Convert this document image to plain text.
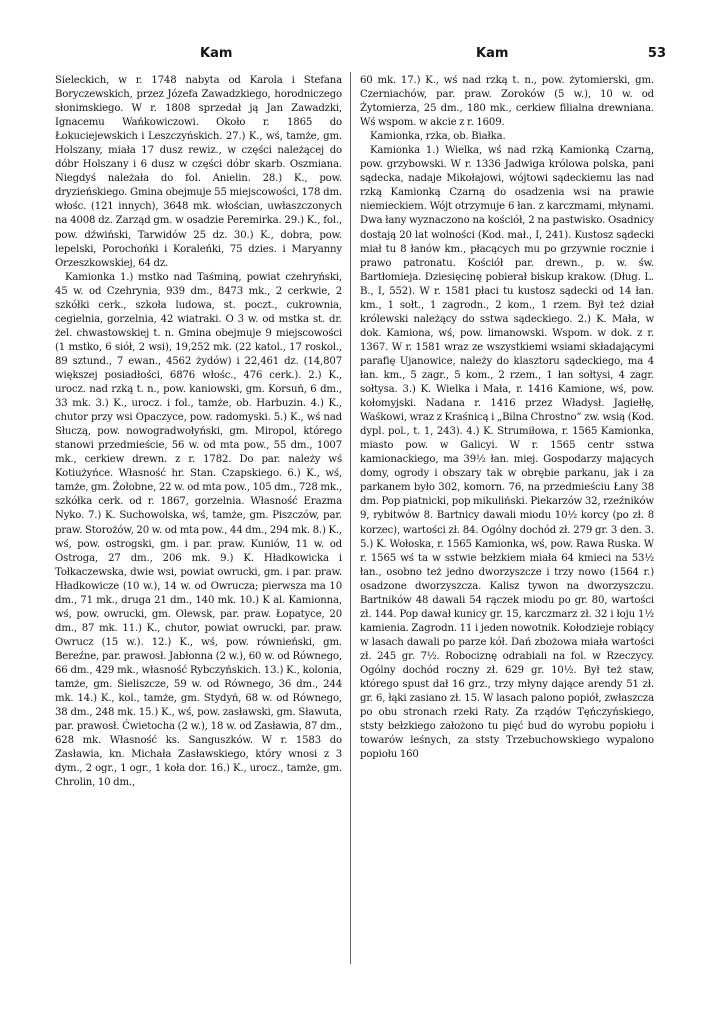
Kam	Kam	53

Sieleckich, w r. 1748 nabyta od Karola i Stefana Boryczewskich, przez Józefa Zawadzkiego, horodniczego słonimskiego. W r. 1808 sprzedał ją Jan Zawadzki, Ignacemu Wańkowiczowi. Około r. 1865 do Łokuciejewskich i Leszczyńskich. 27.) K., wś, tamże, gm. Holszany, miała 17 dusz rewiz., w części należącej do dóbr Holszany i 6 dusz w części dóbr skarb. Oszmiana. Niegdyś należała do fol. Anielin. 28.) K., pow. dryzieńskiego. Gmina obejmuje 55 miejscowości, 178 dm. włośc. (121 innych), 3648 mk. włościan, uwłaszczonych na 4008 dz. Zarząd gm. w osadzie Peremirka. 29.) K., fol., pow. dźwiński, Tarwidów 25 dz. 30.) K., dobra, pow. lepelski, Porochońki i Koraleńki, 75 dzies. i Maryanny Orzeszkowskiej, 64 dz.

Kamionka 1.) mstko nad Taśminą, powiat czehryński, 45 w. od Czehrynia, 939 dm., 8473 mk., 2 cerkwie, 2 szkółki cerk., szkoła ludowa, st. poczt., cukrownia, cegielnia, gorzelnia, 42 wiatraki. O 3 w. od mstka st. dr. żel. chwastowskiej t. n. Gmina obejmuje 9 miejscowości (1 mstko, 6 siół, 2 wsi), 19,252 mk. (22 katol., 17 roskol., 89 sztund., 7 ewan., 4562 żydów) i 22,461 dz. (14,807 większej posiadłości, 6876 włośc., 476 cerk.). 2.) K., urocz. nad rzką t. n., pow. kaniowski, gm. Korsuń, 6 dm., 33 mk. 3.) K., urocz. i fol., tamże, ob. Harbuzin. 4.) K., chutor przy wsi Opaczyce, pow. radomyski. 5.) K., wś nad Słuczą, pow. nowogradwołyński, gm. Miropol, którego stanowi przedmieście, 56 w. od mta pow., 55 dm., 1007 mk., cerkiew drewn. z r. 1782. Do par. należy wś Kotiużyńce. Własność hr. Stan. Czapskiego. 6.) K., wś, tamże, gm. Żołobne, 22 w. od mta pow., 105 dm., 728 mk., szkółka cerk. od r. 1867, gorzelnia. Własność Erazma Nyko. 7.) K. Suchowolska, wś, tamże, gm. Piszczów, par. praw. Storożów, 20 w. od mta pow., 44 dm., 294 mk. 8.) K., wś, pow. ostrogski, gm. i par. praw. Kuniów, 11 w. od Ostroga, 27 dm., 206 mk. 9.) K. Hładkowicka i Tołkaczewska, dwie wsi, powiat owrucki, gm. i par. praw. Hładkowicze (10 w.), 14 w. od Owrucza; pierwsza ma 10 dm., 71 mk., druga 21 dm., 140 mk. 10.) K al. Kamionna, wś, pow. owrucki, gm. Olewsk, par. praw. Łopatyce, 20 dm., 87 mk. 11.) K., chutor, powiat owrucki, par. praw. Owrucz (15 w.). 12.) K., wś, pow. równieński, gm. Bereźne, par. prawosł. Jabłonna (2 w.), 60 w. od Równego, 66 dm., 429 mk., własność Rybczyńskich. 13.) K., kolonia, tamże, gm. Sieliszcze, 59 w. od Równego, 36 dm., 244 mk. 14.) K., kol., tamże, gm. Stydyń, 68 w. od Równego, 38 dm., 248 mk. 15.) K., wś, pow. zasławski, gm. Sławuta, par. prawosł. Ćwietocha (2 w.), 18 w. od Zasławia, 87 dm., 628 mk. Własność ks. Sanguszków. W r. 1583 do Zasławia, kn. Michała Zasławskiego, który wnosi z 3 dym., 2 ogr., 1 ogr., 1 koła dor. 16.) K., urocz., tamże, gm. Chrolin, 10 dm.,

60 mk. 17.) K., wś nad rzką t. n., pow. żytomierski, gm. Czerniachów, par. praw. Zoroków (5 w.), 10 w. od Żytomierza, 25 dm., 180 mk., cerkiew filialna drewniana. Wś wspom. w akcie z r. 1609.

Kamionka, rzka, ob. Białka.

Kamionka 1.) Wielka, wś nad rzką Kamionką Czarną, pow. grzybowski. W r. 1336 Jadwiga królowa polska, pani sądecka, nadaje Mikołajowi, wójtowi sądeckiemu las nad rzką Kamionką Czarną do osadzenia wsi na prawie niemieckiem. Wójt otrzymuje 6 łan. z karczmami, młynami. Dwa łany wyznaczono na kościół, 2 na pastwisko. Osadnicy dostają 20 lat wolności (Kod. mał., I, 241). Kustosz sądecki miał tu 8 łanów km., płacących mu po grzywnie rocznie i prawo patronatu. Kościół par. drewn., p. w. św. Bartłomieja. Dziesięcinę pobierał biskup krakow. (Dług. L. B., I, 552). W r. 1581 płaci tu kustosz sądecki od 14 łan. km., 1 sołt., 1 zagrodn., 2 kom., 1 rzem. Był też dział królewski należący do sstwa sądeckiego. 2.) K. Mała, w dok. Kamiona, wś, pow. limanowski. Wspom. w dok. z r. 1367. W r. 1581 wraz ze wszystkiemi wsiami składającymi parafię Ujanowice, należy do klasztoru sądeckiego, ma 4 łan. km., 5 zagr., 5 kom., 2 rzem., 1 łan sołtysi, 4 zagr. sołtysa. 3.) K. Wielka i Mała, r. 1416 Kamione, wś, pow. kołomyjski. Nadana r. 1416 przez Władysł. Jagiełłę, Waśkowi, wraz z Kraśnicą i „Bilna Chrostno” zw. wsią (Kod. dypl. pol., t. 1, 243). 4.) K. Strumiłowa, r. 1565 Kamionka, miasto pow. w Galicyi. W r. 1565 centr sstwa kamionackiego, ma 39½ łan. miej. Gospodarzy mających domy, ogrody i obszary tak w obrębie parkanu, jak i za parkanem było 302, komorn. 76, na przedmieściu Łany 38 dm. Pop piatnicki, pop mikuliński. Piekarzów 32, rzeźników 9, rybitwów 8. Bartnicy dawali miodu 10½ korcy (po zł. 8 korzec), wartości zł. 84. Ogólny dochód zł. 279 gr. 3 den. 3. 5.) K. Wołoska, r. 1565 Kamionka, wś, pow. Rawa Ruska. W r. 1565 wś ta w sstwie bełzkiem miała 64 kmieci na 53½ łan., osobno też jedno dworzyszcze i trzy nowo (1564 r.) osadzone dworzyszcza. Kalisz tywon na dworzyszczu. Bartników 48 dawali 54 rączek miodu po gr. 80, wartości zł. 144. Pop dawał kunicy gr. 15, karczmarz zł. 32 i łoju 1½ kamienia. Zagrodn. 11 i jeden nowotnik. Kołodzieje robiący w lasach dawali po parze kół. Dań zbożowa miała wartości zł. 245 gr. 7½. Robociznę odrabiali na fol. w Rzeczycy. Ogólny dochód roczny zł. 629 gr. 10½. Był też staw, którego spust dał 16 grz., trzy młyny dające arendy 51 zł. gr. 6, łąki zasiano zł. 15. W lasach palono popiół, zwłaszcza po obu stronach rzeki Raty. Za rządów Tęńczyńskiego, ststy bełzkiego założono tu pięć bud do wyrobu popiołu i towarów leśnych, za ststy Trzebuchowskiego wypalono popiołu 160
